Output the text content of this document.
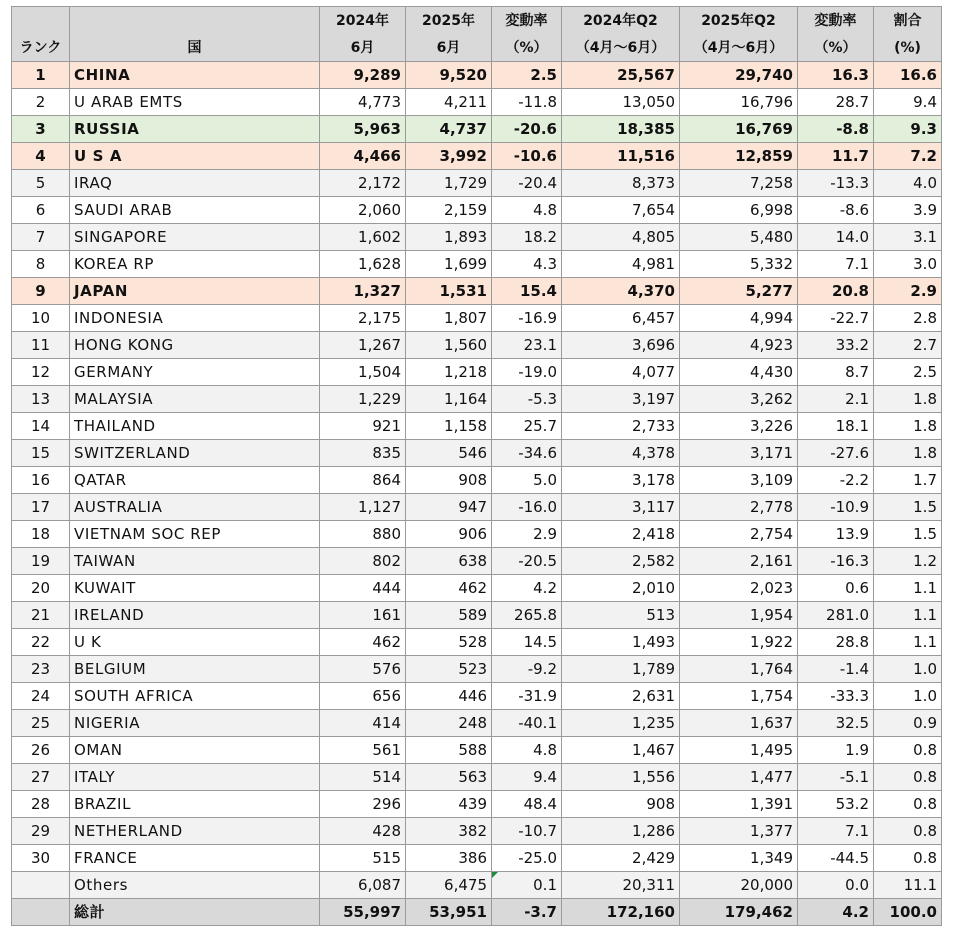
		2024年	2025年	変動率	2024年Q2	2025年Q2	変動率	割合
ランク	国	6月	6月	（%）	（4月～6月）	（4月～6月）	（%）	(%)
1	CHINA	9,289	9,520	2.5	25,567	29,740	16.3	16.6
2	U ARAB EMTS	4,773	4,211	-11.8	13,050	16,796	28.7	9.4
3	RUSSIA	5,963	4,737	-20.6	18,385	16,769	-8.8	9.3
4	U S A	4,466	3,992	-10.6	11,516	12,859	11.7	7.2
5	IRAQ	2,172	1,729	-20.4	8,373	7,258	-13.3	4.0
6	SAUDI ARAB	2,060	2,159	4.8	7,654	6,998	-8.6	3.9
7	SINGAPORE	1,602	1,893	18.2	4,805	5,480	14.0	3.1
8	KOREA RP	1,628	1,699	4.3	4,981	5,332	7.1	3.0
9	JAPAN	1,327	1,531	15.4	4,370	5,277	20.8	2.9
10	INDONESIA	2,175	1,807	-16.9	6,457	4,994	-22.7	2.8
11	HONG KONG	1,267	1,560	23.1	3,696	4,923	33.2	2.7
12	GERMANY	1,504	1,218	-19.0	4,077	4,430	8.7	2.5
13	MALAYSIA	1,229	1,164	-5.3	3,197	3,262	2.1	1.8
14	THAILAND	921	1,158	25.7	2,733	3,226	18.1	1.8
15	SWITZERLAND	835	546	-34.6	4,378	3,171	-27.6	1.8
16	QATAR	864	908	5.0	3,178	3,109	-2.2	1.7
17	AUSTRALIA	1,127	947	-16.0	3,117	2,778	-10.9	1.5
18	VIETNAM SOC REP	880	906	2.9	2,418	2,754	13.9	1.5
19	TAIWAN	802	638	-20.5	2,582	2,161	-16.3	1.2
20	KUWAIT	444	462	4.2	2,010	2,023	0.6	1.1
21	IRELAND	161	589	265.8	513	1,954	281.0	1.1
22	U K	462	528	14.5	1,493	1,922	28.8	1.1
23	BELGIUM	576	523	-9.2	1,789	1,764	-1.4	1.0
24	SOUTH AFRICA	656	446	-31.9	2,631	1,754	-33.3	1.0
25	NIGERIA	414	248	-40.1	1,235	1,637	32.5	0.9
26	OMAN	561	588	4.8	1,467	1,495	1.9	0.8
27	ITALY	514	563	9.4	1,556	1,477	-5.1	0.8
28	BRAZIL	296	439	48.4	908	1,391	53.2	0.8
29	NETHERLAND	428	382	-10.7	1,286	1,377	7.1	0.8
30	FRANCE	515	386	-25.0	2,429	1,349	-44.5	0.8
	Others	6,087	6,475	0.1	20,311	20,000	0.0	11.1
	総計	55,997	53,951	-3.7	172,160	179,462	4.2	100.0
